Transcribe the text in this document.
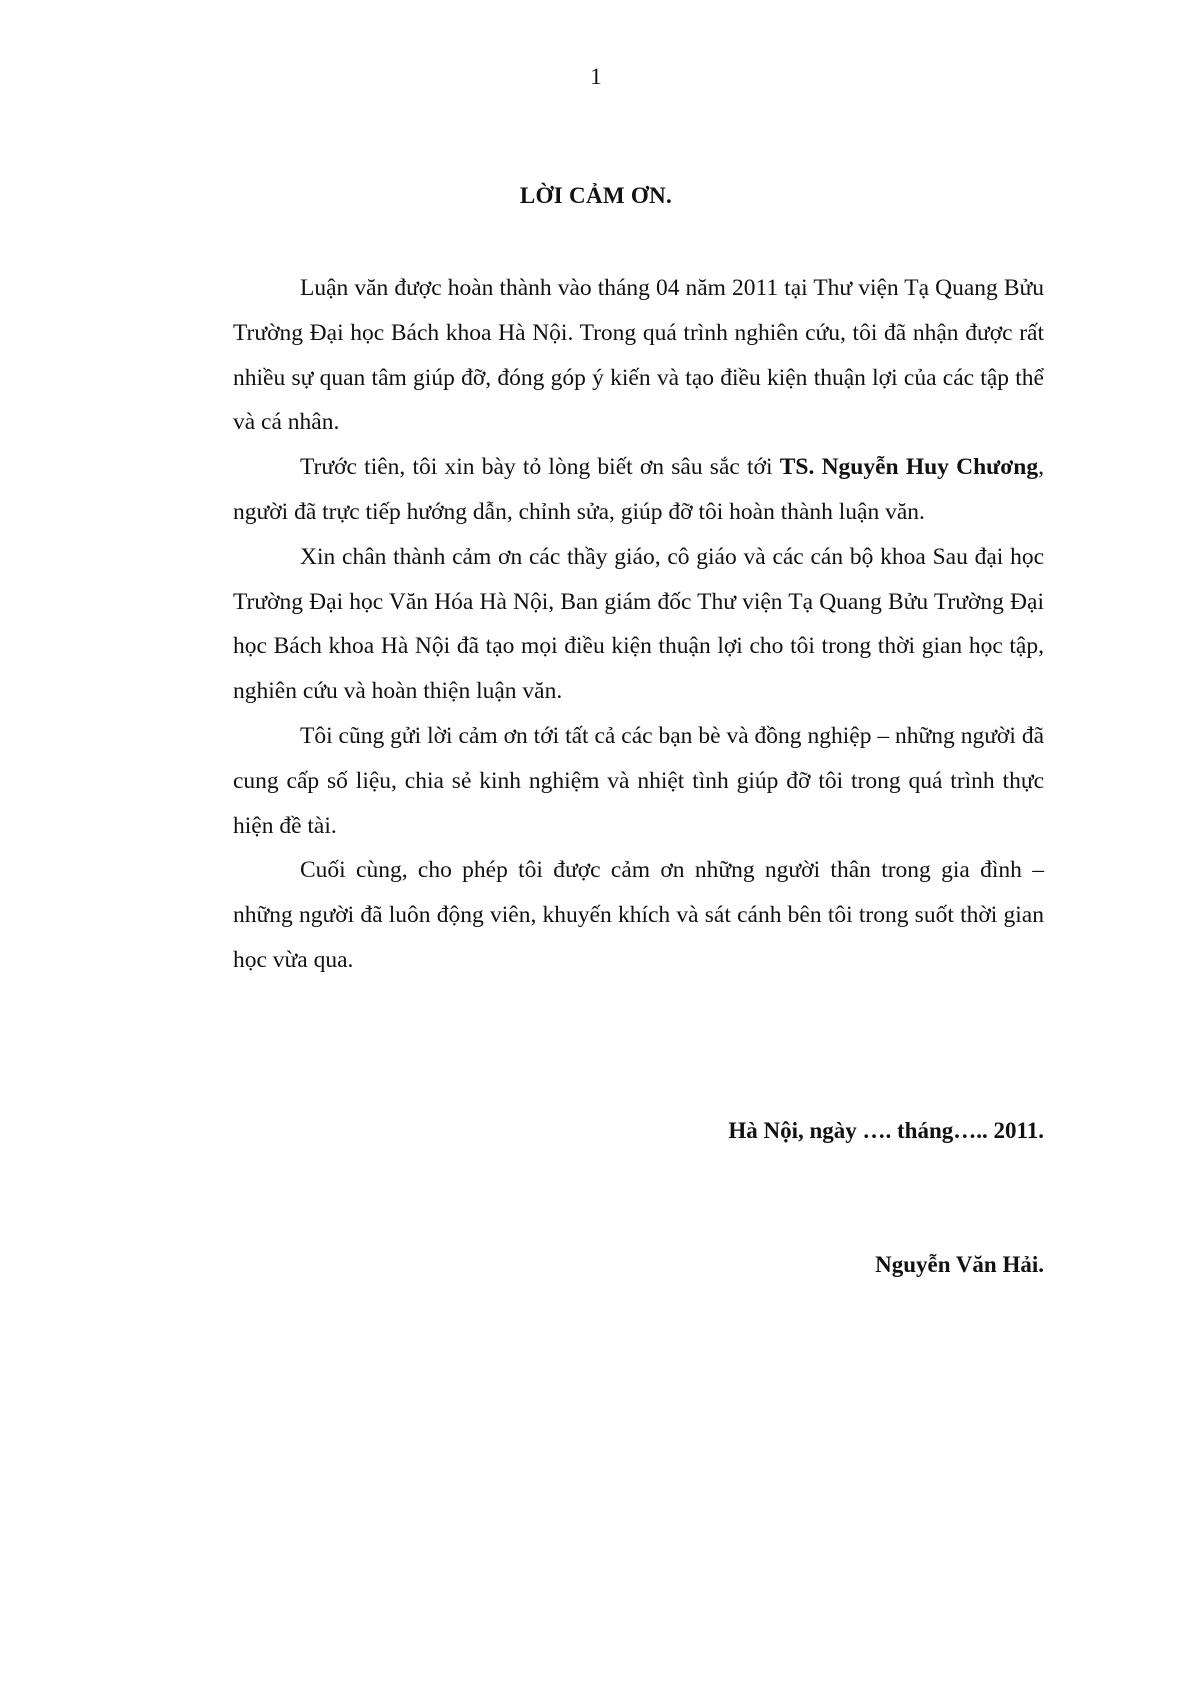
1
LỜI CẢM ƠN.

Luận văn được hoàn thành vào tháng 04 năm 2011 tại Thư viện Tạ Quang Bửu Trường Đại học Bách khoa Hà Nội. Trong quá trình nghiên cứu, tôi đã nhận được rất nhiều sự quan tâm giúp đỡ, đóng góp ý kiến và tạo điều kiện thuận lợi của các tập thể và cá nhân.

Trước tiên, tôi xin bày tỏ lòng biết ơn sâu sắc tới TS. Nguyễn Huy Chương, người đã trực tiếp hướng dẫn, chỉnh sửa, giúp đỡ tôi hoàn thành luận văn.

Xin chân thành cảm ơn các thầy giáo, cô giáo và các cán bộ khoa Sau đại học Trường Đại học Văn Hóa Hà Nội, Ban giám đốc Thư viện Tạ Quang Bửu Trường Đại học Bách khoa Hà Nội đã tạo mọi điều kiện thuận lợi cho tôi trong thời gian học tập, nghiên cứu và hoàn thiện luận văn.

Tôi cũng gửi lời cảm ơn tới tất cả các bạn bè và đồng nghiệp – những người đã cung cấp số liệu, chia sẻ kinh nghiệm và nhiệt tình giúp đỡ tôi trong quá trình thực hiện đề tài.

Cuối cùng, cho phép tôi được cảm ơn những người thân trong gia đình – những người đã luôn động viên, khuyến khích và sát cánh bên tôi trong suốt thời gian học vừa qua.

Hà Nội, ngày …. tháng….. 2011.
Nguyễn Văn Hải.
